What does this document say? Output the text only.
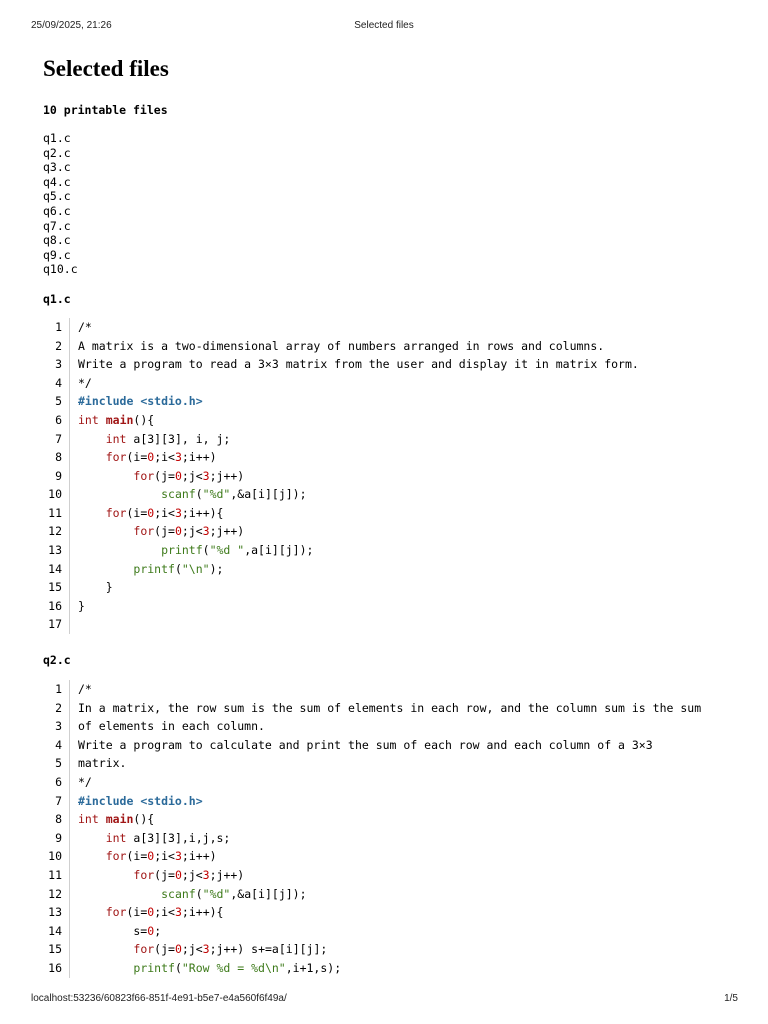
25/09/2025, 21:26	Selected files
Selected files
10 printable files
q1.c
q2.c
q3.c
q4.c
q5.c
q6.c
q7.c
q8.c
q9.c
q10.c
q1.c
1	/*
2	A matrix is a two-dimensional array of numbers arranged in rows and columns.
3	Write a program to read a 3×3 matrix from the user and display it in matrix form.
4	*/
5	#include <stdio.h>
6	int main(){
7	int a[3][3], i, j;
8	for(i=0;i<3;i++)
9	for(j=0;j<3;j++)
10	scanf("%d",&a[i][j]);
11	for(i=0;i<3;i++){
12	for(j=0;j<3;j++)
13	printf("%d ",a[i][j]);
14	printf("\n");
15	}
16	}
17
q2.c
1	/*
2	In a matrix, the row sum is the sum of elements in each row, and the column sum is the sum
3	of elements in each column.
4	Write a program to calculate and print the sum of each row and each column of a 3×3
5	matrix.
6	*/
7	#include <stdio.h>
8	int main(){
9	int a[3][3],i,j,s;
10	for(i=0;i<3;i++)
11	for(j=0;j<3;j++)
12	scanf("%d",&a[i][j]);
13	for(i=0;i<3;i++){
14	s=0;
15	for(j=0;j<3;j++) s+=a[i][j];
16	printf("Row %d = %d\n",i+1,s);
localhost:53236/60823f66-851f-4e91-b5e7-e4a560f6f49a/	1/5
